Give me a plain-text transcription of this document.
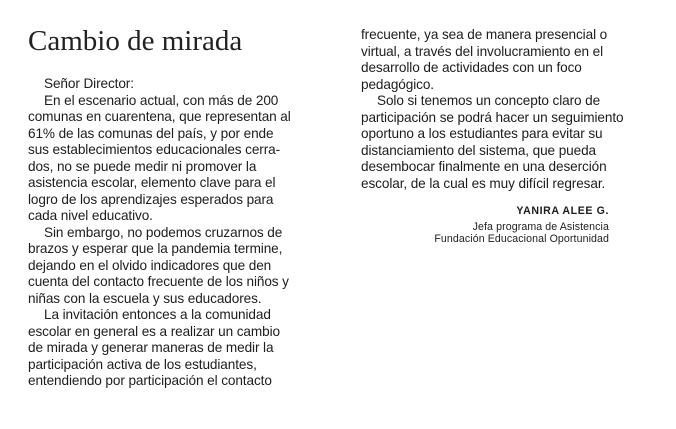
Cambio de mirada
Señor Director:
En el escenario actual, con más de 200
comunas en cuarentena, que representan al
61% de las comunas del país, y por ende
sus establecimientos educacionales cerra-
dos, no se puede medir ni promover la
asistencia escolar, elemento clave para el
logro de los aprendizajes esperados para
cada nivel educativo.
Sin embargo, no podemos cruzarnos de
brazos y esperar que la pandemia termine,
dejando en el olvido indicadores que den
cuenta del contacto frecuente de los niños y
niñas con la escuela y sus educadores.
La invitación entonces a la comunidad
escolar en general es a realizar un cambio
de mirada y generar maneras de medir la
participación activa de los estudiantes,
entendiendo por participación el contacto
frecuente, ya sea de manera presencial o
virtual, a través del involucramiento en el
desarrollo de actividades con un foco
pedagógico.
Solo si tenemos un concepto claro de
participación se podrá hacer un seguimiento
oportuno a los estudiantes para evitar su
distanciamiento del sistema, que pueda
desembocar finalmente en una deserción
escolar, de la cual es muy difícil regresar.
YANIRA ALEE G.
Jefa programa de Asistencia
Fundación Educacional Oportunidad
